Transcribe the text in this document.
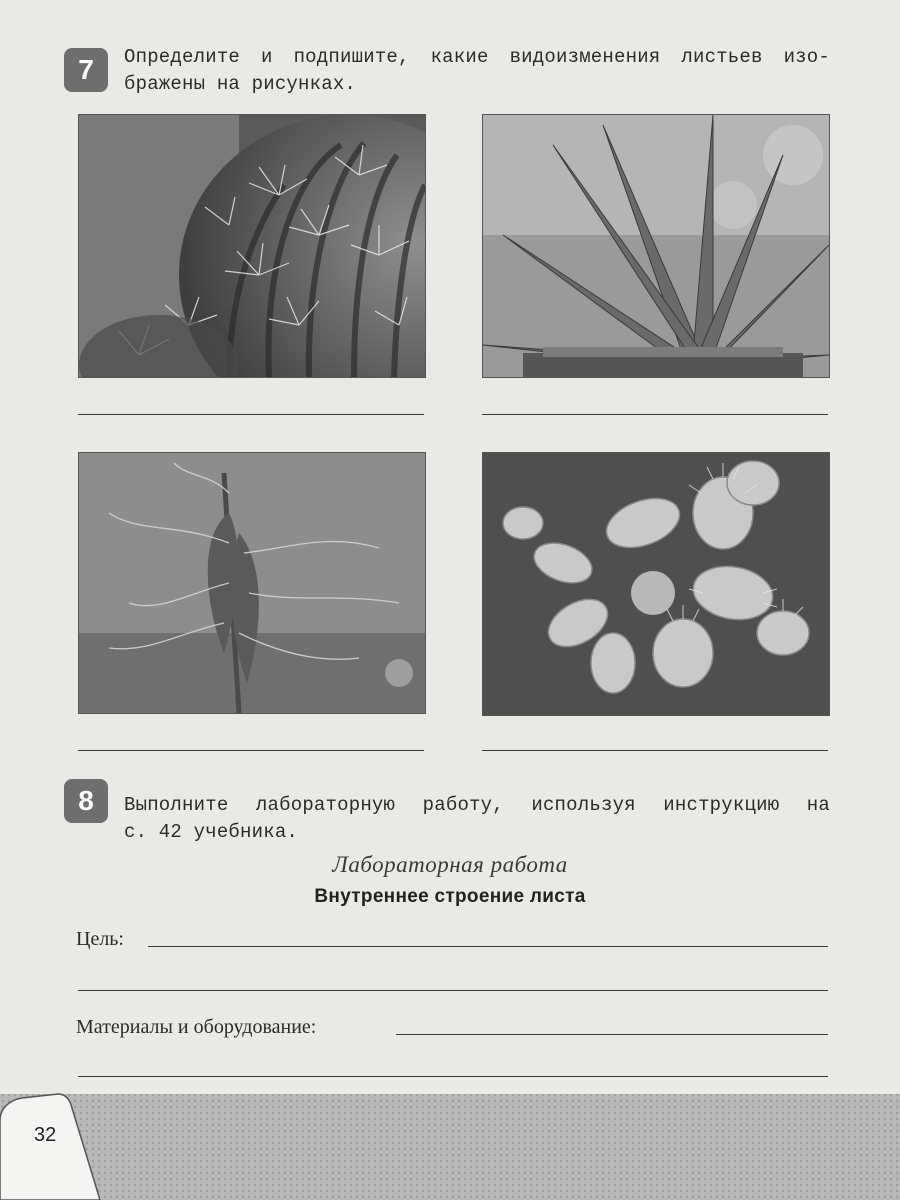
7	Определите и подпишите, какие видоизменения листьев изо-
бражены на рисунках.
8	Выполните лабораторную работу, используя инструкцию на
с. 42 учебника.
Лабораторная работа
Внутреннее строение листа
Цель:
Материалы и оборудование:
32
